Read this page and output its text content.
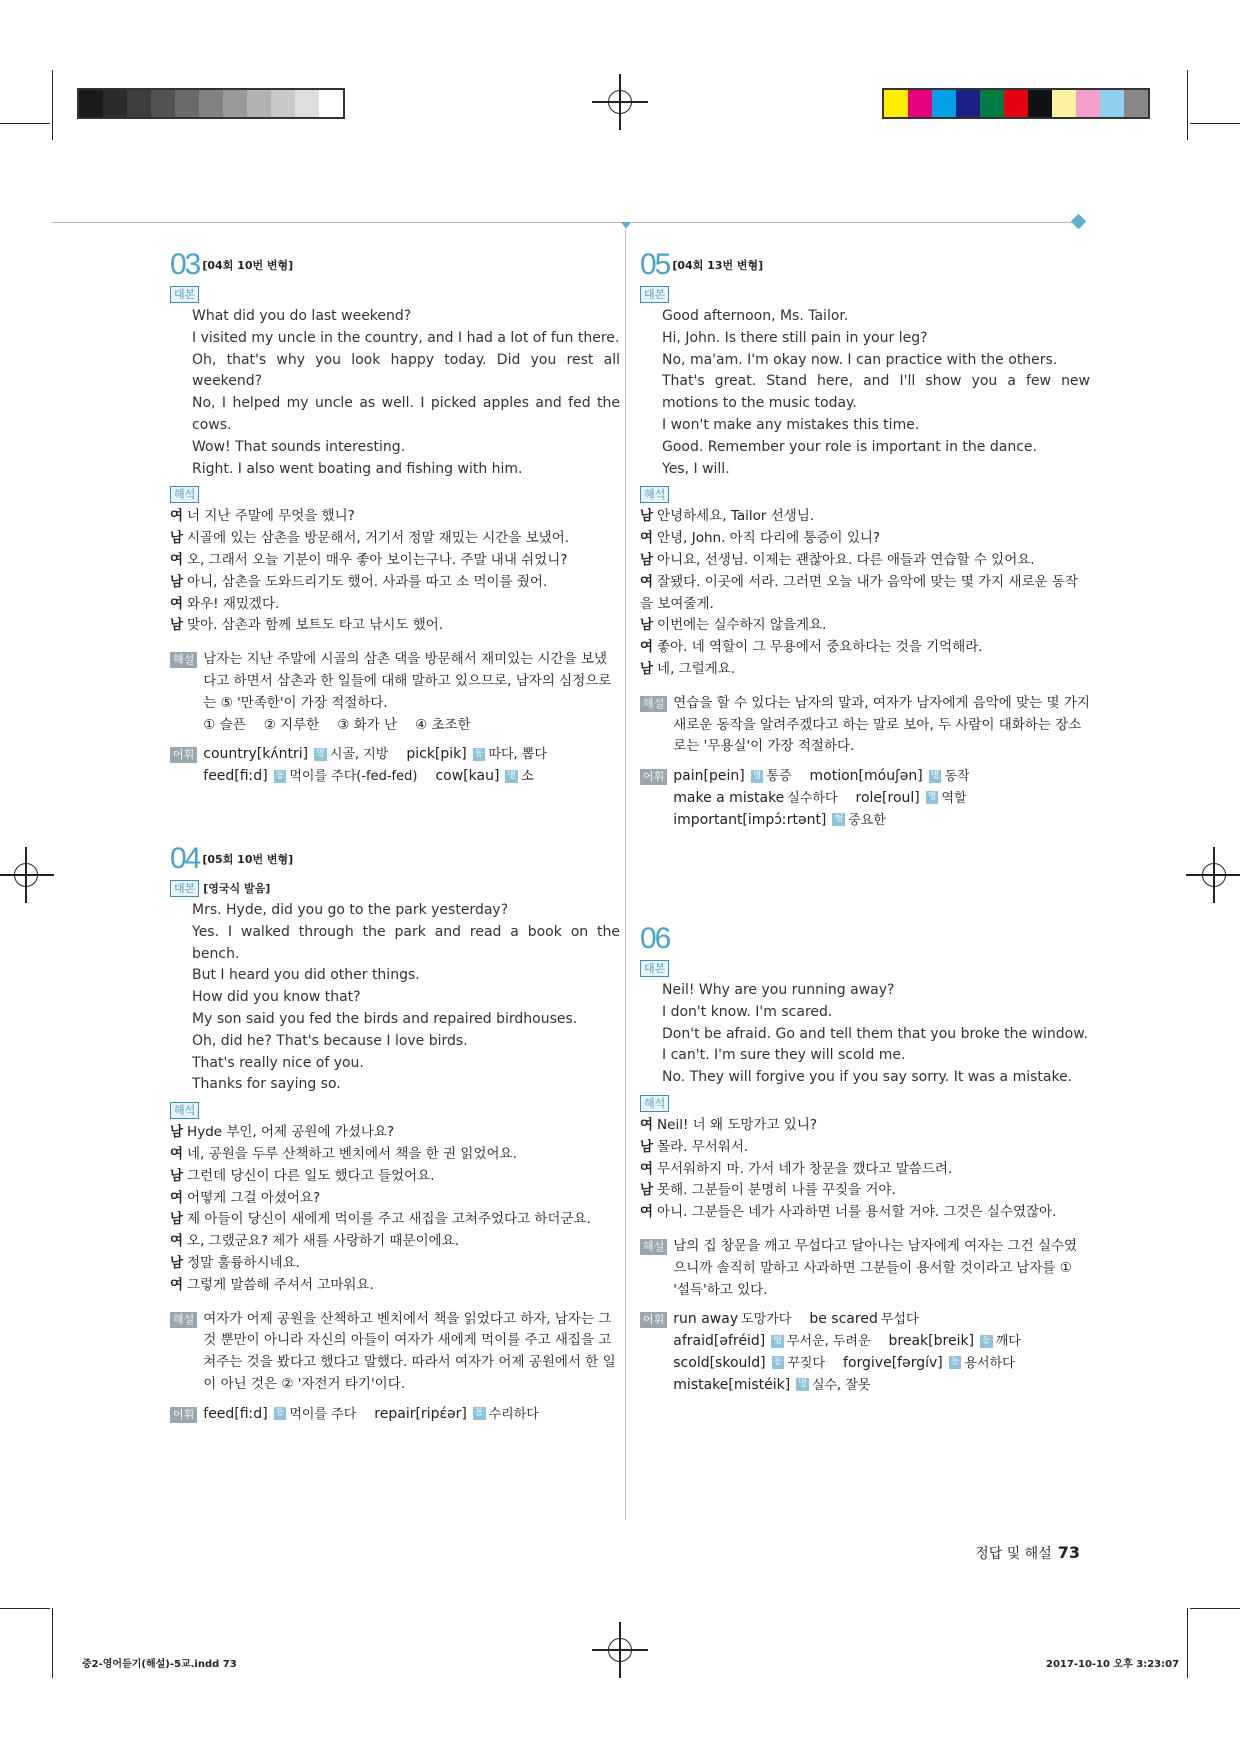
03 [04회 10번 변형]
대본
What did you do last weekend?
I visited my uncle in the country, and I had a lot of fun there.
Oh, that's why you look happy today. Did you rest all weekend?
No, I helped my uncle as well. I picked apples and fed the cows.
Wow! That sounds interesting.
Right. I also went boating and fishing with him.
해석
여 너 지난 주말에 무엇을 했니?
남 시골에 있는 삼촌을 방문해서, 거기서 정말 재밌는 시간을 보냈어.
여 오, 그래서 오늘 기분이 매우 좋아 보이는구나. 주말 내내 쉬었니?
남 아니, 삼촌을 도와드리기도 했어. 사과를 따고 소 먹이를 줬어.
여 와우! 재밌겠다.
남 맞아. 삼촌과 함께 보트도 타고 낚시도 했어.
해설 남자는 지난 주말에 시골의 삼촌 댁을 방문해서 재미있는 시간을 보냈다고 하면서 삼촌과 한 일들에 대해 말하고 있으므로, 남자의 심정으로는 ⑤ '만족한'이 가장 적절하다.
① 슬픈 ② 지루한 ③ 화가 난 ④ 초조한
어휘 country[kʌ́ntri] 명 시골, 지방 pick[pik] 동 따다, 뽑다
feed[fiːd] 동 먹이를 주다(-fed-fed) cow[kau] 명 소
04 [05회 10번 변형]
대본 [영국식 발음]
Mrs. Hyde, did you go to the park yesterday?
Yes. I walked through the park and read a book on the bench.
But I heard you did other things.
How did you know that?
My son said you fed the birds and repaired birdhouses.
Oh, did he? That's because I love birds.
That's really nice of you.
Thanks for saying so.
해석
남 Hyde 부인, 어제 공원에 가셨나요?
여 네, 공원을 두루 산책하고 벤치에서 책을 한 권 읽었어요.
남 그런데 당신이 다른 일도 했다고 들었어요.
여 어떻게 그걸 아셨어요?
남 제 아들이 당신이 새에게 먹이를 주고 새집을 고쳐주었다고 하더군요.
여 오, 그랬군요? 제가 새를 사랑하기 때문이에요.
남 정말 훌륭하시네요.
여 그렇게 말씀해 주셔서 고마워요.
해설 여자가 어제 공원을 산책하고 벤치에서 책을 읽었다고 하자, 남자는 그것 뿐만이 아니라 자신의 아들이 여자가 새에게 먹이를 주고 새집을 고쳐주는 것을 봤다고 했다고 말했다. 따라서 여자가 어제 공원에서 한 일이 아닌 것은 ② '자전거 타기'이다.
어휘 feed[fiːd] 동 먹이를 주다 repair[ripɛ́ər] 동 수리하다
05 [04회 13번 변형]
대본
Good afternoon, Ms. Tailor.
Hi, John. Is there still pain in your leg?
No, ma'am. I'm okay now. I can practice with the others.
That's great. Stand here, and I'll show you a few new motions to the music today.
I won't make any mistakes this time.
Good. Remember your role is important in the dance.
Yes, I will.
해석
남 안녕하세요, Tailor 선생님.
여 안녕, John. 아직 다리에 통증이 있니?
남 아니요, 선생님. 이제는 괜찮아요. 다른 애들과 연습할 수 있어요.
여 잘됐다. 이곳에 서라. 그러면 오늘 내가 음악에 맞는 몇 가지 새로운 동작을 보여줄게.
남 이번에는 실수하지 않을게요.
여 좋아. 네 역할이 그 무용에서 중요하다는 것을 기억해라.
남 네, 그럴게요.
해설 연습을 할 수 있다는 남자의 말과, 여자가 남자에게 음악에 맞는 몇 가지 새로운 동작을 알려주겠다고 하는 말로 보아, 두 사람이 대화하는 장소로는 '무용실'이 가장 적절하다.
어휘 pain[pein] 명 통증 motion[móuʃən] 명 동작
make a mistake 실수하다 role[roul] 명 역할
important[impɔ́ːrtənt] 형 중요한
06
대본
Neil! Why are you running away?
I don't know. I'm scared.
Don't be afraid. Go and tell them that you broke the window.
I can't. I'm sure they will scold me.
No. They will forgive you if you say sorry. It was a mistake.
해석
여 Neil! 너 왜 도망가고 있니?
남 몰라. 무서워서.
여 무서워하지 마. 가서 네가 창문을 깼다고 말씀드려.
남 못해. 그분들이 분명히 나를 꾸짖을 거야.
여 아니. 그분들은 네가 사과하면 너를 용서할 거야. 그것은 실수였잖아.
해설 남의 집 창문을 깨고 무섭다고 달아나는 남자에게 여자는 그건 실수였으니까 솔직히 말하고 사과하면 그분들이 용서할 것이라고 남자를 ① '설득'하고 있다.
어휘 run away 도망가다 be scared 무섭다
afraid[əfréid] 형 무서운, 두려운 break[breik] 동 깨다
scold[skould] 동 꾸짖다 forgive[fərgív] 동 용서하다
mistake[mistéik] 명 실수, 잘못
정답 및 해설 73
중2-영어듣기(해설)-5교.indd 73	2017-10-10 오후 3:23:07
